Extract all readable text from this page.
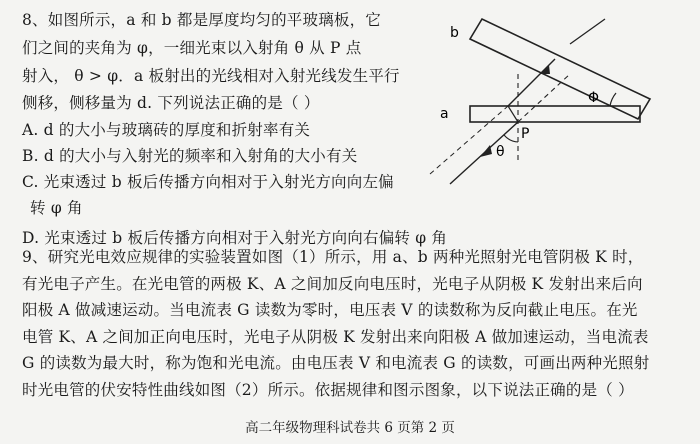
8、如图所示，a 和 b 都是厚度均匀的平玻璃板，它
们之间的夹角为 φ，一细光束以入射角 θ 从 P 点
射入， θ > φ．a 板射出的光线相对入射光线发生平行
侧移，侧移量为 d. 下列说法正确的是（ ）
A. d 的大小与玻璃砖的厚度和折射率有关
B. d 的大小与入射光的频率和入射角的大小有关
C. 光束透过 b 板后传播方向相对于入射光方向向左偏
转 φ 角
D. 光束透过 b 板后传播方向相对于入射光方向向右偏转 φ 角
b
a
Φ
P
θ
9、研究光电效应规律的实验装置如图（1）所示，用 a、b 两种光照射光电管阴极 K 时，
有光电子产生。在光电管的两极 K、A 之间加反向电压时，光电子从阴极 K 发射出来后向
阳极 A 做减速运动。当电流表 G 读数为零时，电压表 V 的读数称为反向截止电压。在光
电管 K、A 之间加正向电压时，光电子从阴极 K 发射出来向阳极 A 做加速运动，当电流表
G 的读数为最大时，称为饱和光电流。由电压表 V 和电流表 G 的读数，可画出两种光照射
时光电管的伏安特性曲线如图（2）所示。依据规律和图示图象，以下说法正确的是（ ）
高二年级物理科试卷共 6 页第 2 页
